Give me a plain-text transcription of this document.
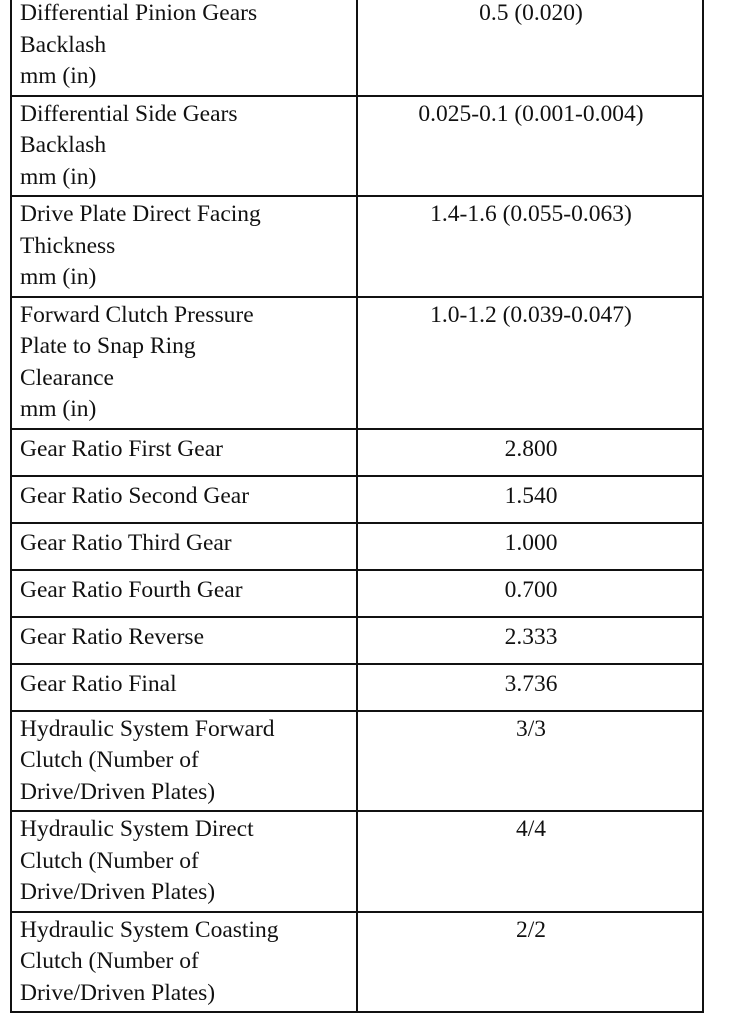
Differential Pinion Gears
Backlash
mm (in)	0.5 (0.020)

Differential Side Gears
Backlash
mm (in)	0.025-0.1 (0.001-0.004)

Drive Plate Direct Facing
Thickness
mm (in)	1.4-1.6 (0.055-0.063)

Forward Clutch Pressure
Plate to Snap Ring
Clearance
mm (in)	1.0-1.2 (0.039-0.047)

Gear Ratio First Gear	2.800

Gear Ratio Second Gear	1.540

Gear Ratio Third Gear	1.000

Gear Ratio Fourth Gear	0.700

Gear Ratio Reverse	2.333

Gear Ratio Final	3.736

Hydraulic System Forward
Clutch (Number of
Drive/Driven Plates)	3/3

Hydraulic System Direct
Clutch (Number of
Drive/Driven Plates)	4/4

Hydraulic System Coasting
Clutch (Number of
Drive/Driven Plates)	2/2
